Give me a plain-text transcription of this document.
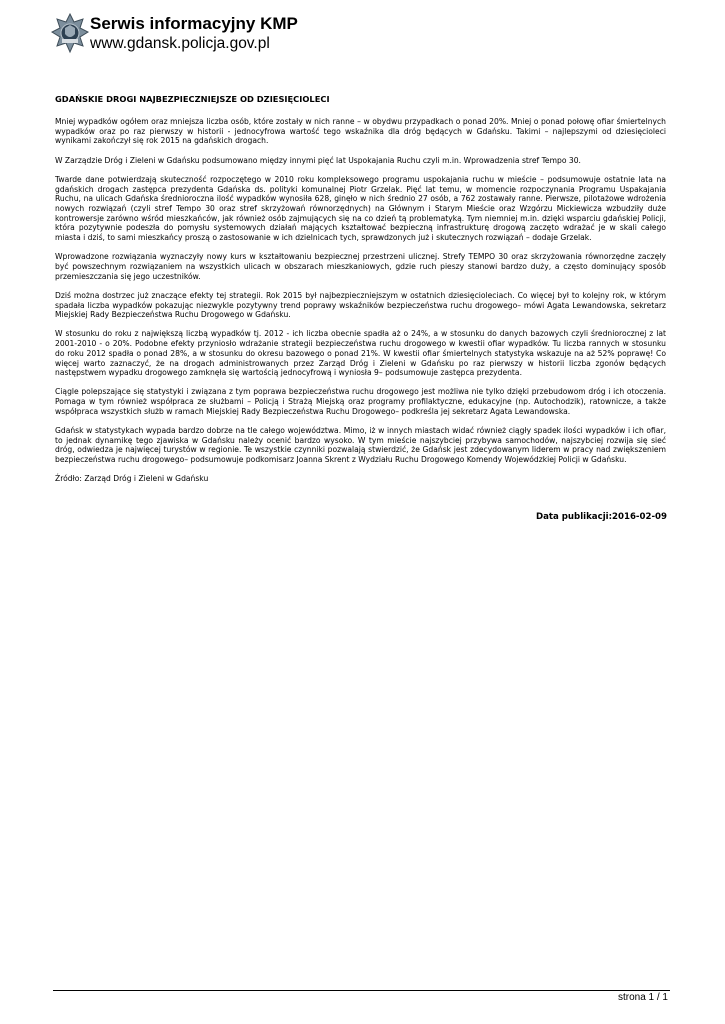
Serwis informacyjny KMP
www.gdansk.policja.gov.pl
GDAŃSKIE DROGI NAJBEZPIECZNIEJSZE OD DZIESIĘCIOLECI

Mniej wypadków ogółem oraz mniejsza liczba osób, które zostały w nich ranne – w obydwu przypadkach o ponad 20%. Mniej o ponad połowę ofiar śmiertelnych wypadków oraz po raz pierwszy w historii - jednocyfrowa wartość tego wskaźnika dla dróg będących w Gdańsku. Takimi – najlepszymi od dziesięcioleci wynikami zakończył się rok 2015 na gdańskich drogach.

W Zarządzie Dróg i Zieleni w Gdańsku podsumowano między innymi pięć lat Uspokajania Ruchu czyli m.in. Wprowadzenia stref Tempo 30.

Twarde dane potwierdzają skuteczność rozpoczętego w 2010 roku kompleksowego programu uspokajania ruchu w mieście – podsumowuje ostatnie lata na gdańskich drogach zastępca prezydenta Gdańska ds. polityki komunalnej Piotr Grzelak. Pięć lat temu, w momencie rozpoczynania Programu Uspakajania Ruchu, na ulicach Gdańska średnioroczna ilość wypadków wynosiła 628, ginęło w nich średnio 27 osób, a 762 zostawały ranne. Pierwsze, pilotażowe wdrożenia nowych rozwiązań (czyli stref Tempo 30 oraz stref skrzyżowań równorzędnych) na Głównym i Starym Mieście oraz Wzgórzu Mickiewicza wzbudziły duże kontrowersje zarówno wśród mieszkańców, jak również osób zajmujących się na co dzień tą problematyką. Tym niemniej m.in. dzięki wsparciu gdańskiej Policji, która pozytywnie podeszła do pomysłu systemowych działań mających kształtować bezpieczną infrastrukturę drogową zaczęto wdrażać je w skali całego miasta i dziś, to sami mieszkańcy proszą o zastosowanie w ich dzielnicach tych, sprawdzonych już i skutecznych rozwiązań – dodaje Grzelak.

Wprowadzone rozwiązania wyznaczyły nowy kurs w kształtowaniu bezpiecznej przestrzeni ulicznej. Strefy TEMPO 30 oraz skrzyżowania równorzędne zaczęły być powszechnym rozwiązaniem na wszystkich ulicach w obszarach mieszkaniowych, gdzie ruch pieszy stanowi bardzo duży, a często dominujący sposób przemieszczania się jego uczestników.

Dziś można dostrzec już znaczące efekty tej strategii. Rok 2015 był najbezpieczniejszym w ostatnich dziesięcioleciach. Co więcej był to kolejny rok, w którym spadała liczba wypadków pokazując niezwykle pozytywny trend poprawy wskaźników bezpieczeństwa ruchu drogowego– mówi Agata Lewandowska, sekretarz Miejskiej Rady Bezpieczeństwa Ruchu Drogowego w Gdańsku.

W stosunku do roku z największą liczbą wypadków tj. 2012 - ich liczba obecnie spadła aż o 24%, a w stosunku do danych bazowych czyli średniorocznej z lat 2001-2010 - o 20%. Podobne efekty przyniosło wdrażanie strategii bezpieczeństwa ruchu drogowego w kwestii ofiar wypadków. Tu liczba rannych w stosunku do roku 2012 spadła o ponad 28%, a w stosunku do okresu bazowego o ponad 21%. W kwestii ofiar śmiertelnych statystyka wskazuje na aż 52% poprawę! Co więcej warto zaznaczyć, że na drogach administrowanych przez Zarząd Dróg i Zieleni w Gdańsku po raz pierwszy w historii liczba zgonów będących następstwem wypadku drogowego zamknęła się wartością jednocyfrową i wyniosła 9– podsumowuje zastępca prezydenta.

Ciągle polepszające się statystyki i związana z tym poprawa bezpieczeństwa ruchu drogowego jest możliwa nie tylko dzięki przebudowom dróg i ich otoczenia. Pomaga w tym również współpraca ze służbami – Policją i Strażą Miejską oraz programy profilaktyczne, edukacyjne (np. Autochodzik), ratownicze, a także współpraca wszystkich służb w ramach Miejskiej Rady Bezpieczeństwa Ruchu Drogowego– podkreśla jej sekretarz Agata Lewandowska.

Gdańsk w statystykach wypada bardzo dobrze na tle całego województwa. Mimo, iż w innych miastach widać również ciągły spadek ilości wypadków i ich ofiar, to jednak dynamikę tego zjawiska w Gdańsku należy ocenić bardzo wysoko. W tym mieście najszybciej przybywa samochodów, najszybciej rozwija się sieć dróg, odwiedza je najwięcej turystów w regionie. Te wszystkie czynniki pozwalają stwierdzić, że Gdańsk jest zdecydowanym liderem w pracy nad zwiększeniem bezpieczeństwa ruchu drogowego– podsumowuje podkomisarz Joanna Skrent z Wydziału Ruchu Drogowego Komendy Wojewódzkiej Policji w Gdańsku.

Źródło: Zarząd Dróg i Zieleni w Gdańsku

Data publikacji:2016-02-09
strona 1 / 1
